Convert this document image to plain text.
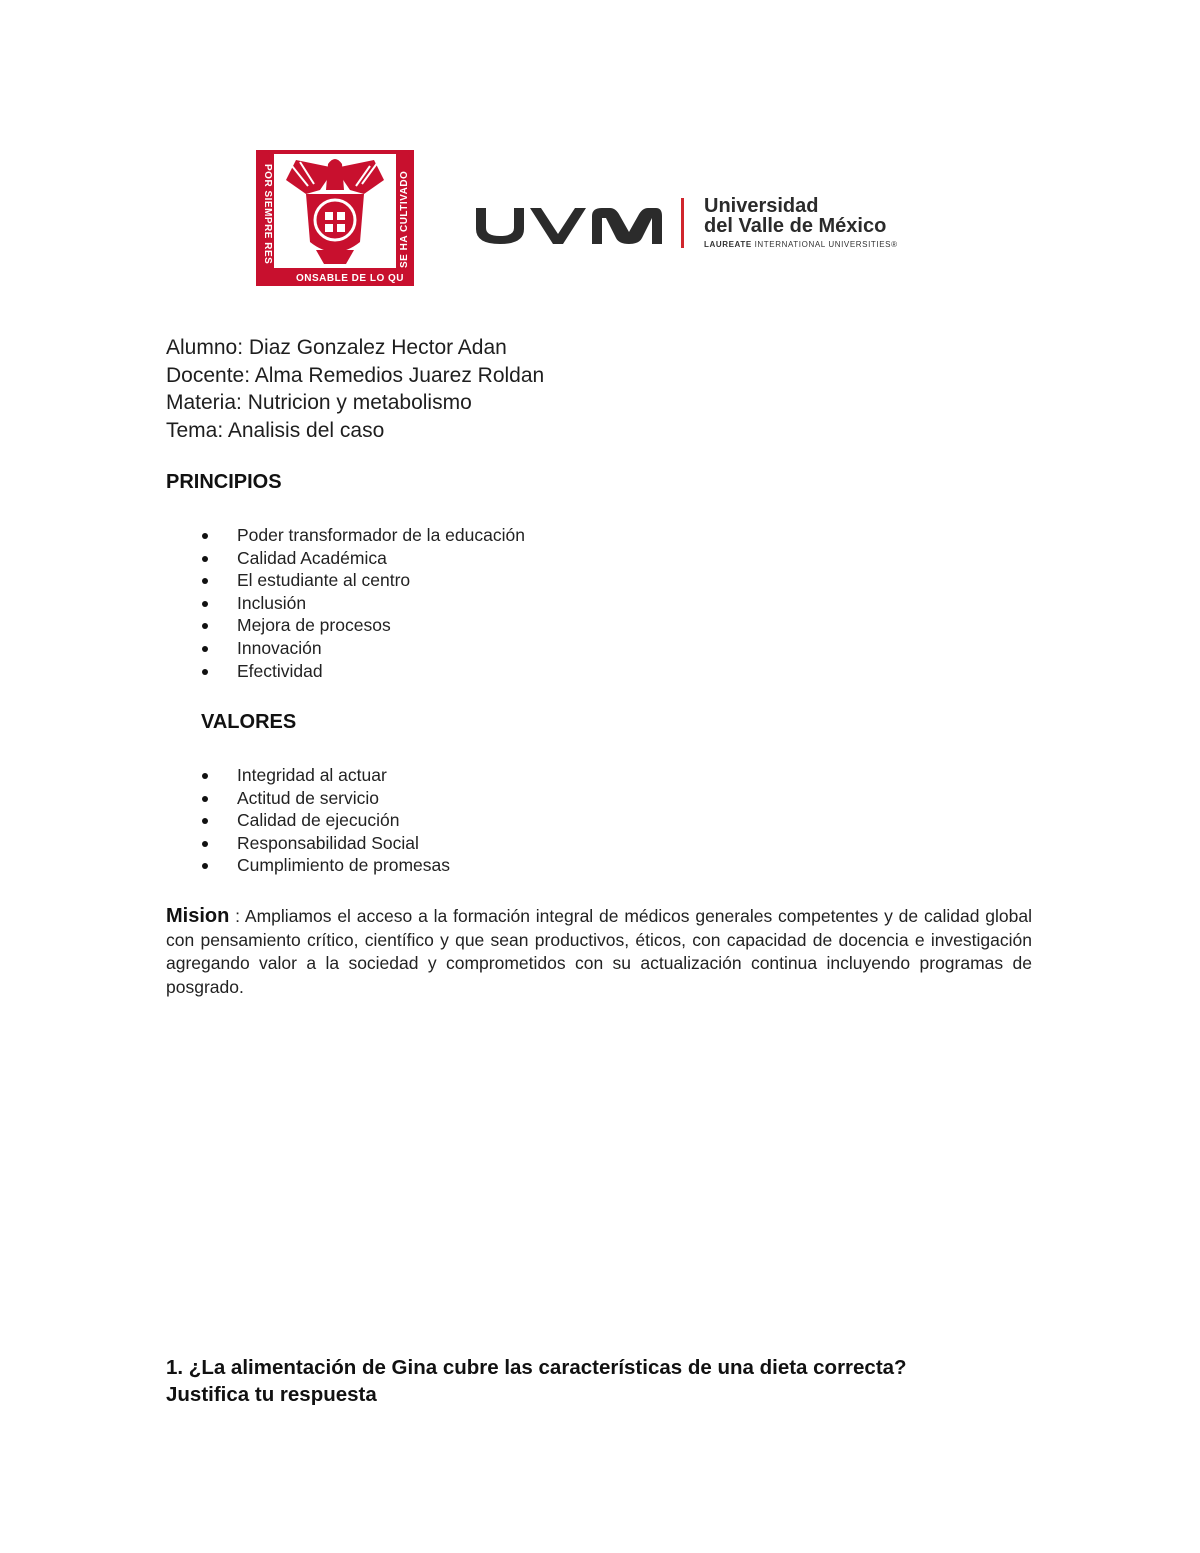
POR SIEMPRE RES
ONSABLE DE LO QU
SE HA CULTIVADO	Universidad
del Valle de México
LAUREATE INTERNATIONAL UNIVERSITIES®
Alumno: Diaz Gonzalez Hector Adan
Docente: Alma Remedios Juarez Roldan
Materia: Nutricion y metabolismo
Tema: Analisis del caso
PRINCIPIOS
Poder transformador de la educación
Calidad Académica
El estudiante al centro
Inclusión
Mejora de procesos
Innovación
Efectividad
VALORES
Integridad al actuar
Actitud de servicio
Calidad de ejecución
Responsabilidad Social
Cumplimiento de promesas
Mision : Ampliamos el acceso a la formación integral de médicos generales competentes y de calidad global con pensamiento crítico, científico y que sean productivos, éticos, con capacidad de docencia e investigación agregando valor a la sociedad y comprometidos con su actualización continua incluyendo programas de posgrado.
1. ¿La alimentación de Gina cubre las características de una dieta correcta?
Justifica tu respuesta
